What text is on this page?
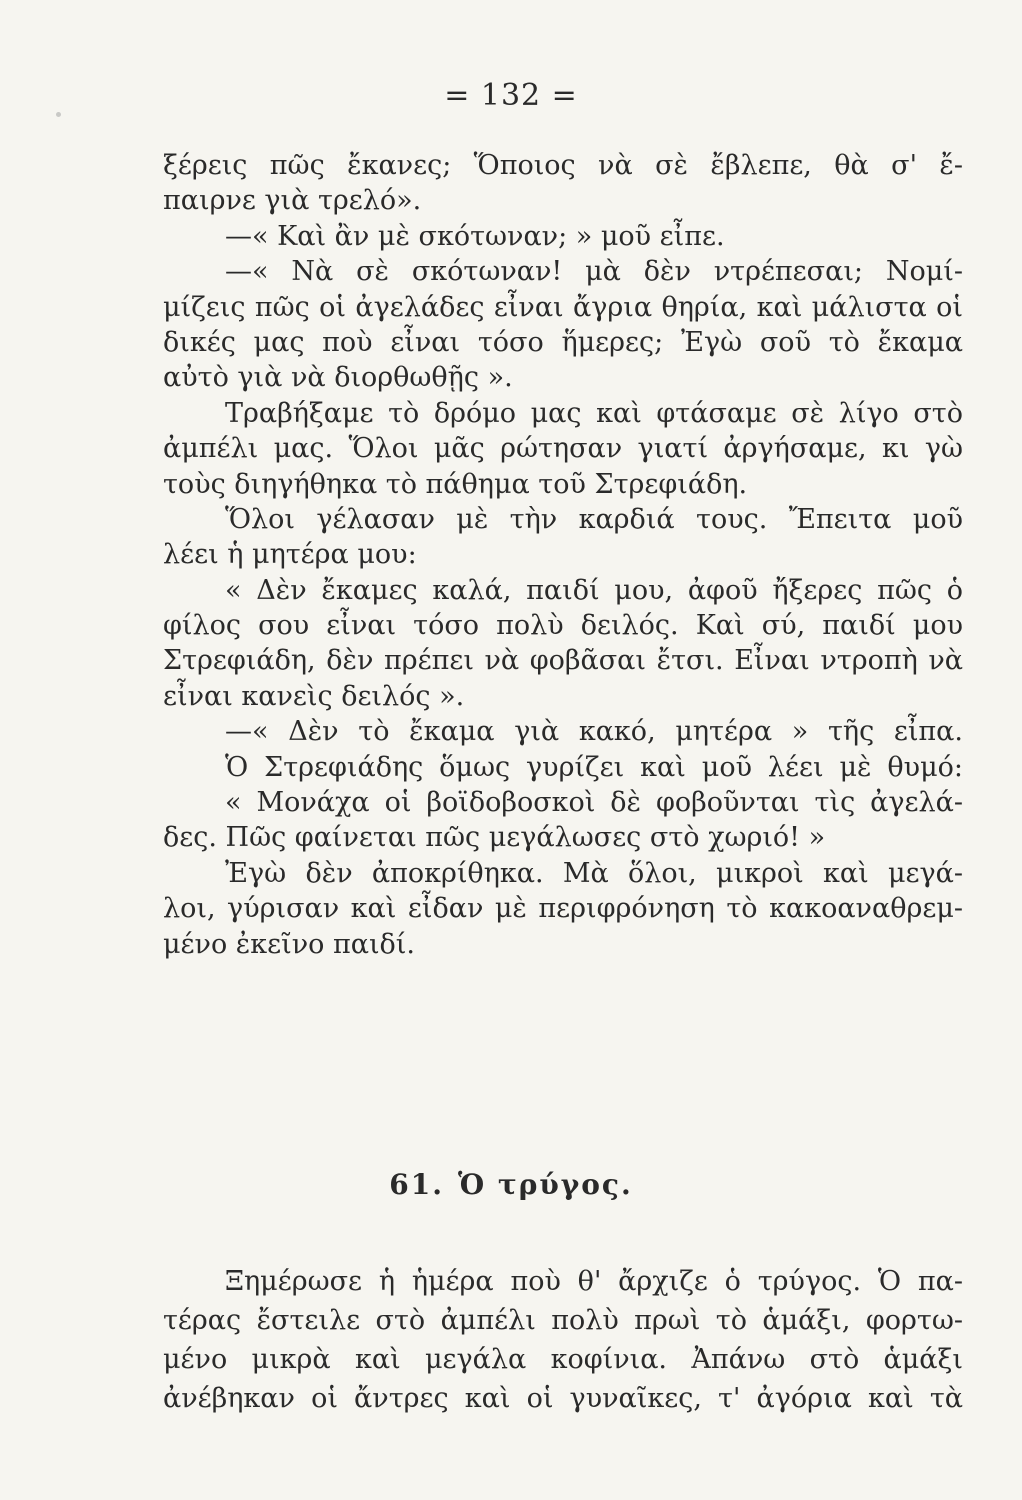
= 132 =
ξέρεις πῶς ἔκανες; Ὅποιος νὰ σὲ ἔβλεπε, θὰ σ' ἔ-
παιρνε γιὰ τρελό».
—« Καὶ ἂν μὲ σκότωναν; » μοῦ εἶπε.
—« Νὰ σὲ σκότωναν! μὰ δὲν ντρέπεσαι; Νομί-
μίζεις πῶς οἱ ἀγελάδες εἶναι ἄγρια θηρία, καὶ μάλιστα οἱ
δικές μας ποὺ εἶναι τόσο ἥμερες; Ἐγὼ σοῦ τὸ ἔκαμα
αὐτὸ γιὰ νὰ διορθωθῇς ».
Τραβήξαμε τὸ δρόμο μας καὶ φτάσαμε σὲ λίγο στὸ
ἀμπέλι μας. Ὅλοι μᾶς ρώτησαν γιατί ἀργήσαμε, κι γὼ
τοὺς διηγήθηκα τὸ πάθημα τοῦ Στρεφιάδη.
Ὅλοι γέλασαν μὲ τὴν καρδιά τους. Ἔπειτα μοῦ
λέει ἡ μητέρα μου:
« Δὲν ἔκαμες καλά, παιδί μου, ἀφοῦ ἤξερες πῶς ὁ
φίλος σου εἶναι τόσο πολὺ δειλός. Καὶ σύ, παιδί μου
Στρεφιάδη, δὲν πρέπει νὰ φοβᾶσαι ἔτσι. Εἶναι ντροπὴ νὰ
εἶναι κανεὶς δειλός ».
—« Δὲν τὸ ἔκαμα γιὰ κακό, μητέρα » τῆς εἶπα.
Ὁ Στρεφιάδης ὅμως γυρίζει καὶ μοῦ λέει μὲ θυμό:
« Μονάχα οἱ βοϊδοβοσκοὶ δὲ φοβοῦνται τὶς ἀγελά-
δες. Πῶς φαίνεται πῶς μεγάλωσες στὸ χωριό! »
Ἐγὼ δὲν ἀποκρίθηκα. Μὰ ὅλοι, μικροὶ καὶ μεγά-
λοι, γύρισαν καὶ εἶδαν μὲ περιφρόνηση τὸ κακοαναθρεμ-
μένο ἐκεῖνο παιδί.
61. Ὁ τρύγος.
Ξημέρωσε ἡ ἡμέρα ποὺ θ' ἄρχιζε ὁ τρύγος. Ὁ πα-
τέρας ἔστειλε στὸ ἀμπέλι πολὺ πρωὶ τὸ ἁμάξι, φορτω-
μένο μικρὰ καὶ μεγάλα κοφίνια. Ἀπάνω στὸ ἁμάξι
ἀνέβηκαν οἱ ἄντρες καὶ οἱ γυναῖκες, τ' ἀγόρια καὶ τὰ
